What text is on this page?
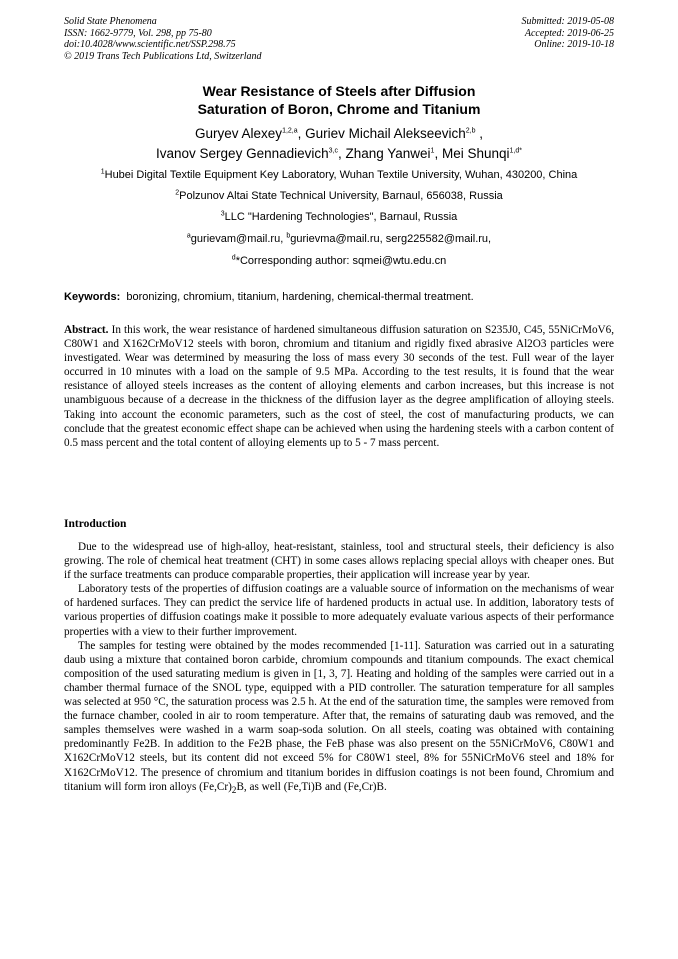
Solid State Phenomena
ISSN: 1662-9779, Vol. 298, pp 75-80
doi:10.4028/www.scientific.net/SSP.298.75
© 2019 Trans Tech Publications Ltd, Switzerland
Submitted: 2019-05-08
Accepted: 2019-06-25
Online: 2019-10-18
Wear Resistance of Steels after Diffusion
Saturation of Boron, Chrome and Titanium
Guryev Alexey$^{1,2,a}$, Guriev Michail Alekseevich$^{2,b}$ ,
Ivanov Sergey Gennadievich$^{3,c}$, Zhang Yanwei$^1$, Mei Shunqi$^{1,d*}$
$^1$Hubei Digital Textile Equipment Key Laboratory, Wuhan Textile University, Wuhan, 430200, China
$^2$Polzunov Altai State Technical University, Barnaul, 656038, Russia
$^3$LLC "Hardening Technologies", Barnaul, Russia
$^a$gurievam@mail.ru, $^b$gurievma@mail.ru, serg225582@mail.ru,
$^d$*Corresponding author: sqmei@wtu.edu.cn
Keywords: boronizing, chromium, titanium, hardening, chemical-thermal treatment.
Abstract. In this work, the wear resistance of hardened simultaneous diffusion saturation on S235J0, C45, 55NiCrMoV6, C80W1 and X162CrMoV12 steels with boron, chromium and titanium and rigidly fixed abrasive Al2O3 particles were investigated. Wear was determined by measuring the loss of mass every 30 seconds of the test. Full wear of the layer occurred in 10 minutes with a load on the sample of 9.5 MPa. According to the test results, it is found that the wear resistance of alloyed steels increases as the content of alloying elements and carbon increases, but this increase is not unambiguous because of a decrease in the thickness of the diffusion layer as the degree amplification of alloying steels. Taking into account the economic parameters, such as the cost of steel, the cost of manufacturing products, we can conclude that the greatest economic effect shape can be achieved when using the hardening steels with a carbon content of 0.5 mass percent and the total content of alloying elements up to 5 - 7 mass percent.
Introduction

Due to the widespread use of high-alloy, heat-resistant, stainless, tool and structural steels, their deficiency is also growing. The role of chemical heat treatment (CHT) in some cases allows replacing special alloys with cheaper ones. But if the surface treatments can produce comparable properties, their application will increase year by year.

Laboratory tests of the properties of diffusion coatings are a valuable source of information on the mechanisms of wear of hardened surfaces. They can predict the service life of hardened products in actual use. In addition, laboratory tests of various properties of diffusion coatings make it possible to more adequately evaluate various aspects of their performance properties with a view to their further improvement.

The samples for testing were obtained by the modes recommended [1-11]. Saturation was carried out in a saturating daub using a mixture that contained boron carbide, chromium compounds and titanium compounds. The exact chemical composition of the used saturating medium is given in [1, 3, 7]. Heating and holding of the samples were carried out in a chamber thermal furnace of the SNOL type, equipped with a PID controller. The saturation temperature for all samples was selected at 950 °C, the saturation process was 2.5 h. At the end of the saturation time, the samples were removed from the furnace chamber, cooled in air to room temperature. After that, the remains of saturating daub was removed, and the samples themselves were washed in a warm soap-soda solution. On all steels, coating was obtained with containing predominantly Fe2B. In addition to the Fe2B phase, the FeB phase was also present on the 55NiCrMoV6, C80W1 and X162CrMoV12 steels, but its content did not exceed 5% for C80W1 steel, 8% for 55NiCrMoV6 steel and 18% for X162CrMoV12. The presence of chromium and titanium borides in diffusion coatings is not been found, Chromium and titanium will form iron alloys $(Fe,Cr)_2B$, as well (Fe,Ti)B and (Fe,Cr)B.
